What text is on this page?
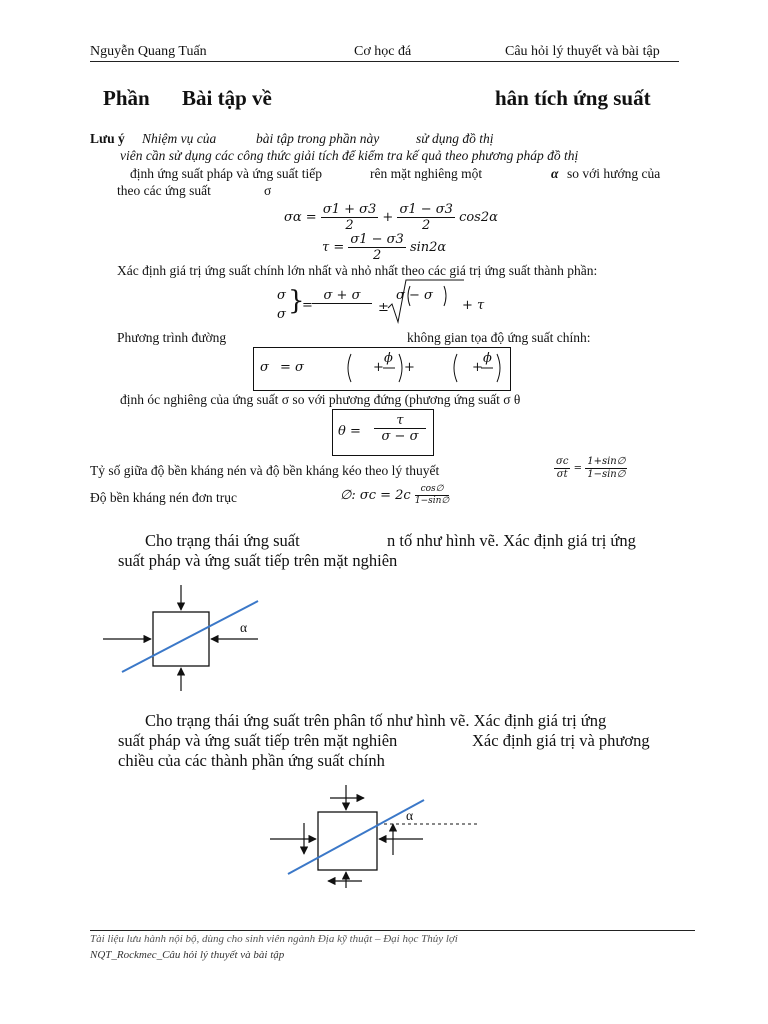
Nguyễn Quang Tuấn	Cơ học đá	Câu hỏi lý thuyết và bài tập
Phần Bài tập về	hân tích ứng suất
Lưu ý Nhiệm vụ của	bài tập trong phần này	sử dụng đồ thị
viên cần sử dụng các công thức giải tích để kiểm tra kế quả theo phương pháp đồ thị
định ứng suất pháp và ứng suất tiếp	rên mặt nghiêng một	α so với hướng của
theo các ứng suất	σ
$\sigma\alpha = \frac{\sigma 1 + \sigma 3}{2} + \frac{\sigma 1 - \sigma 3}{2} \cos 2\alpha$
$\tau = \frac{\sigma 1 - \sigma 3}{2} \sin 2\alpha$
Xác định giá trị ứng suất chính lớn nhất và nhỏ nhất theo các giá trị ứng suất thành phần:
σ
σ }
=
σ + σ

±
σ − σ
+ τ
Phương trình đường	không gian tọa độ ứng suất chính:
σ = σ	+
ϕ
+	+
ϕ
định óc nghiêng của ứng suất σ so với phương đứng (phương ứng suất σ θ
$\theta = \frac{\tau}{\sigma - \sigma}$
Tỷ số giữa độ bền kháng nén và độ bền kháng kéo theo lý thuyết	$\frac{\sigma c}{\sigma t} = \frac{1+\sin\emptyset}{1-\sin\emptyset}$
Độ bền kháng nén đơn trục	∅: $\sigma c = 2c \frac{\cos\emptyset}{1-\sin\emptyset}$
Cho trạng thái ứng suất	n tố như hình vẽ. Xác định giá trị ứng
suất pháp và ứng suất tiếp trên mặt nghiên
α
Cho trạng thái ứng suất trên phân tố như hình vẽ. Xác định giá trị ứng
suất pháp và ứng suất tiếp trên mặt nghiên	Xác định giá trị và phương
chiều của các thành phần ứng suất chính
α
Tài liệu lưu hành nội bộ, dùng cho sinh viên ngành Địa kỹ thuật – Đại học Thủy lợi
NQT_Rockmec_Câu hỏi lý thuyết và bài tập
